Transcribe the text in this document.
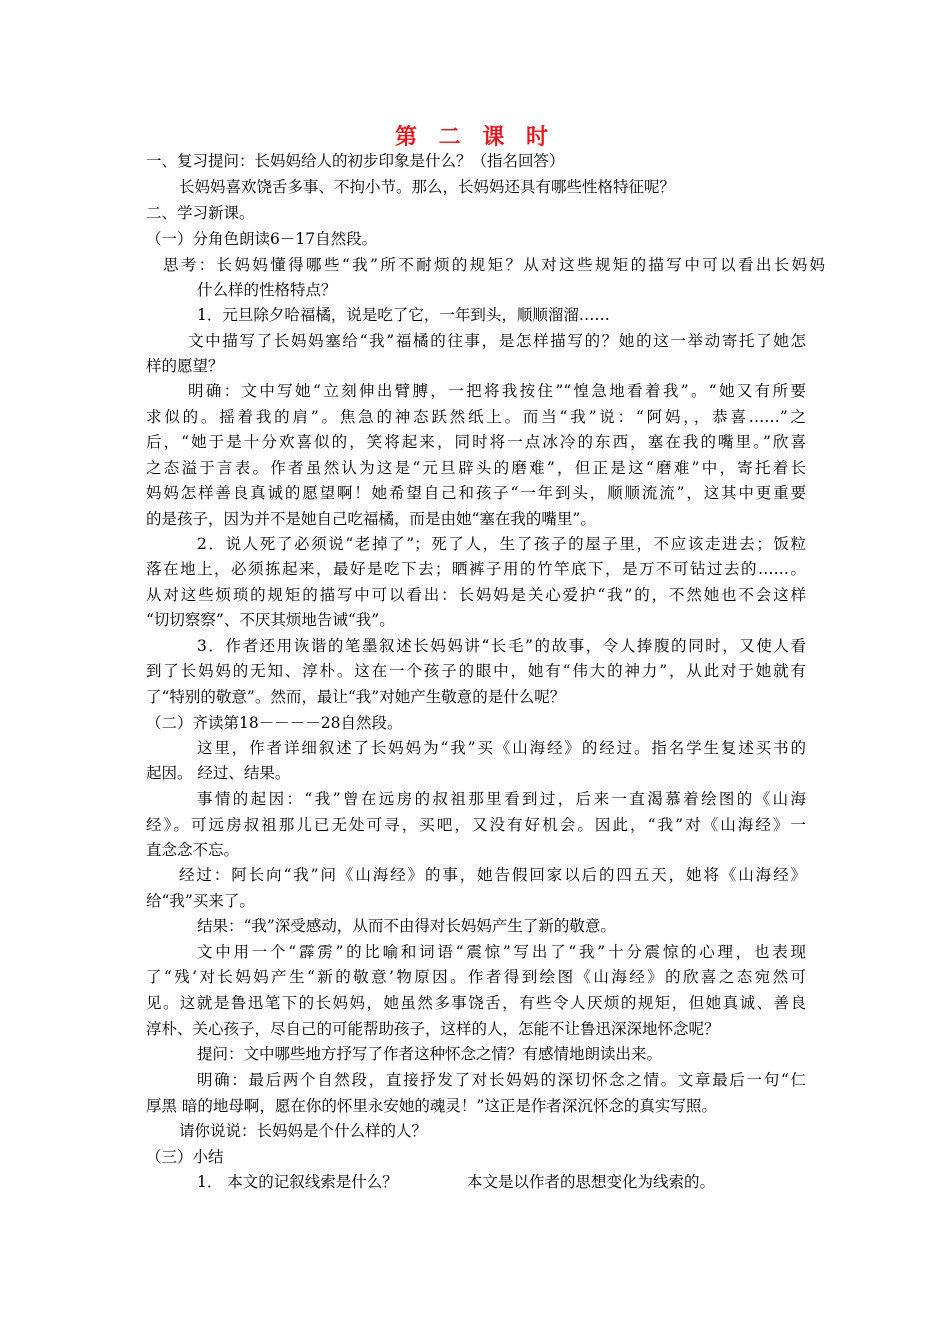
第 二 课 时
一、复习提问：长妈妈给人的初步印象是什么？（指名回答）
长妈妈喜欢饶舌多事、不拘小节。那么，长妈妈还具有哪些性格特征呢？
二、学习新课。
（一）分角色朗读6－17自然段。
思考：长妈妈懂得哪些“我”所不耐烦的规矩？从对这些规矩的描写中可以看出长妈妈
什么样的性格特点？
1．元旦除夕哈福橘，说是吃了它，一年到头，顺顺溜溜……
文中描写了长妈妈塞给“我”福橘的往事，是怎样描写的？她的这一举动寄托了她怎
样的愿望？
明确：文中写她“立刻伸出臂膊，一把将我按住”“惶急地看着我”。“她又有所要
求似的。摇着我的肩”。焦急的神态跃然纸上。而当“我”说：“阿妈，，恭喜……”之
后，“她于是十分欢喜似的，笑将起来，同时将一点冰冷的东西，塞在我的嘴里。”欣喜
之态溢于言表。作者虽然认为这是“元旦辟头的磨难”，但正是这“磨难”中，寄托着长
妈妈怎样善良真诚的愿望啊！她希望自己和孩子“一年到头，顺顺流流”，这其中更重要
的是孩子，因为并不是她自己吃福橘，而是由她“塞在我的嘴里”。
2．说人死了必须说“老掉了”；死了人，生了孩子的屋子里，不应该走进去；饭粒
落在地上，必须拣起来，最好是吃下去；晒裤子用的竹竿底下，是万不可钻过去的……。
从对这些烦琐的规矩的描写中可以看出：长妈妈是关心爱护“我”的，不然她也不会这样
“切切察察”、不厌其烦地告诫“我”。
3．作者还用诙谐的笔墨叙述长妈妈讲“长毛”的故事，令人捧腹的同时，又使人看
到了长妈妈的无知、淳朴。这在一个孩子的眼中，她有“伟大的神力”，从此对于她就有
了“特别的敬意”。然而，最让“我”对她产生敬意的是什么呢？
（二）齐读第18－－－－28自然段。
这里，作者详细叙述了长妈妈为“我”买《山海经》的经过。指名学生复述买书的
起因。 经过、结果。
事情的起因：“我”曾在远房的叔祖那里看到过，后来一直渴慕着绘图的《山海
经》。可远房叔祖那儿已无处可寻，买吧，又没有好机会。因此，“我”对《山海经》一
直念念不忘。
经过：阿长向“我”问《山海经》的事，她告假回家以后的四五天，她将《山海经》
给“我”买来了。
结果：“我”深受感动，从而不由得对长妈妈产生了新的敬意。
文中用一个“霹雳”的比喻和词语“震惊”写出了“我”十分震惊的心理，也表现
了“残’对长妈妈产生“新的敬意’物原因。作者得到绘图《山海经》的欣喜之态宛然可
见。这就是鲁迅笔下的长妈妈，她虽然多事饶舌，有些令人厌烦的规矩，但她真诚、善良
淳朴、关心孩子，尽自己的可能帮助孩子，这样的人，怎能不让鲁迅深深地怀念呢？
提问：文中哪些地方抒写了作者这种怀念之情？有感情地朗读出来。
明确：最后两个自然段，直接抒发了对长妈妈的深切怀念之情。文章最后一句“仁
厚黑 暗的地母啊，愿在你的怀里永安她的魂灵！”这正是作者深沉怀念的真实写照。
请你说说：长妈妈是个什么样的人？
（三）小结
1． 本文的记叙线索是什么？	本文是以作者的思想变化为线索的。
